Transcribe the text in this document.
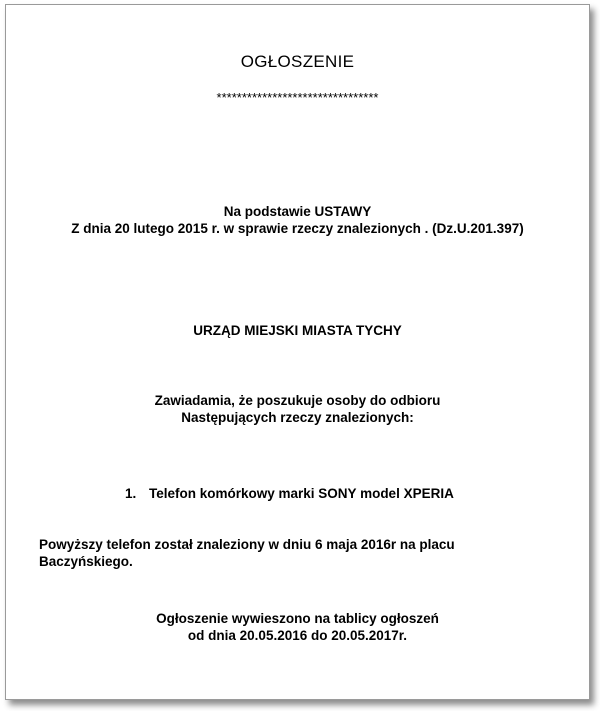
OGŁOSZENIE
********************************
Na podstawie USTAWY
Z dnia 20 lutego 2015 r. w sprawie rzeczy znalezionych . (Dz.U.201.397)
URZĄD MIEJSKI MIASTA TYCHY
Zawiadamia, że poszukuje osoby do odbioru
Następujących rzeczy znalezionych:
1. Telefon komórkowy marki SONY model XPERIA
Powyższy telefon został znaleziony w dniu 6 maja 2016r na placu
Baczyńskiego.
Ogłoszenie wywieszono na tablicy ogłoszeń
od dnia 20.05.2016 do 20.05.2017r.
